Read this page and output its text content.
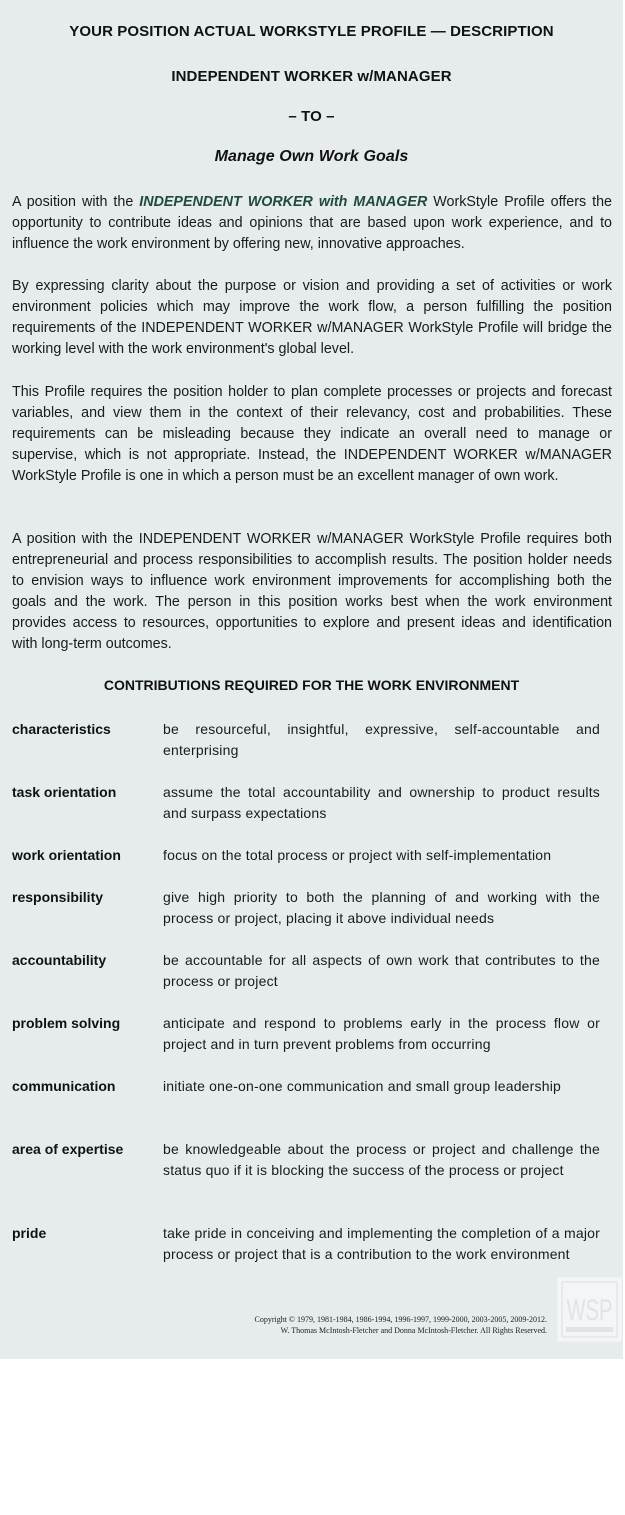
YOUR POSITION ACTUAL WORKSTYLE PROFILE — DESCRIPTION
INDEPENDENT WORKER w/MANAGER
– TO –
Manage Own Work Goals

A position with the INDEPENDENT WORKER with MANAGER WorkStyle Profile offers the opportunity to contribute ideas and opinions that are based upon work experience, and to influence the work environment by offering new, innovative approaches.

By expressing clarity about the purpose or vision and providing a set of activities or work environment policies which may improve the work flow, a person fulfilling the position requirements of the INDEPENDENT WORKER w/MANAGER WorkStyle Profile will bridge the working level with the work environment's global level.

This Profile requires the position holder to plan complete processes or projects and forecast variables, and view them in the context of their relevancy, cost and probabilities. These requirements can be misleading because they indicate an overall need to manage or supervise, which is not appropriate. Instead, the INDEPENDENT WORKER w/MANAGER WorkStyle Profile is one in which a person must be an excellent manager of own work.

A position with the INDEPENDENT WORKER w/MANAGER WorkStyle Profile requires both entrepreneurial and process responsibilities to accomplish results. The position holder needs to envision ways to influence work environment improvements for accomplishing both the goals and the work. The person in this position works best when the work environment provides access to resources, opportunities to explore and present ideas and identification with long-term outcomes.

CONTRIBUTIONS REQUIRED FOR THE WORK ENVIRONMENT
characteristics	be resourceful, insightful, expressive, self-accountable and enterprising
task orientation	assume the total accountability and ownership to product results and surpass expectations
work orientation	focus on the total process or project with self-implementation
responsibility	give high priority to both the planning of and working with the process or project, placing it above individual needs
accountability	be accountable for all aspects of own work that contributes to the process or project
problem solving	anticipate and respond to problems early in the process flow or project and in turn prevent problems from occurring
communication	initiate one-on-one communication and small group leadership
area of expertise	be knowledgeable about the process or project and challenge the status quo if it is blocking the success of the process or project
pride	take pride in conceiving and implementing the completion of a major process or project that is a contribution to the work environment
Copyright © 1979, 1981-1984, 1986-1994, 1996-1997, 1999-2000, 2003-2005, 2009-2012.
W. Thomas McIntosh-Fletcher and Donna McIntosh-Fletcher. All Rights Reserved.
WSP
